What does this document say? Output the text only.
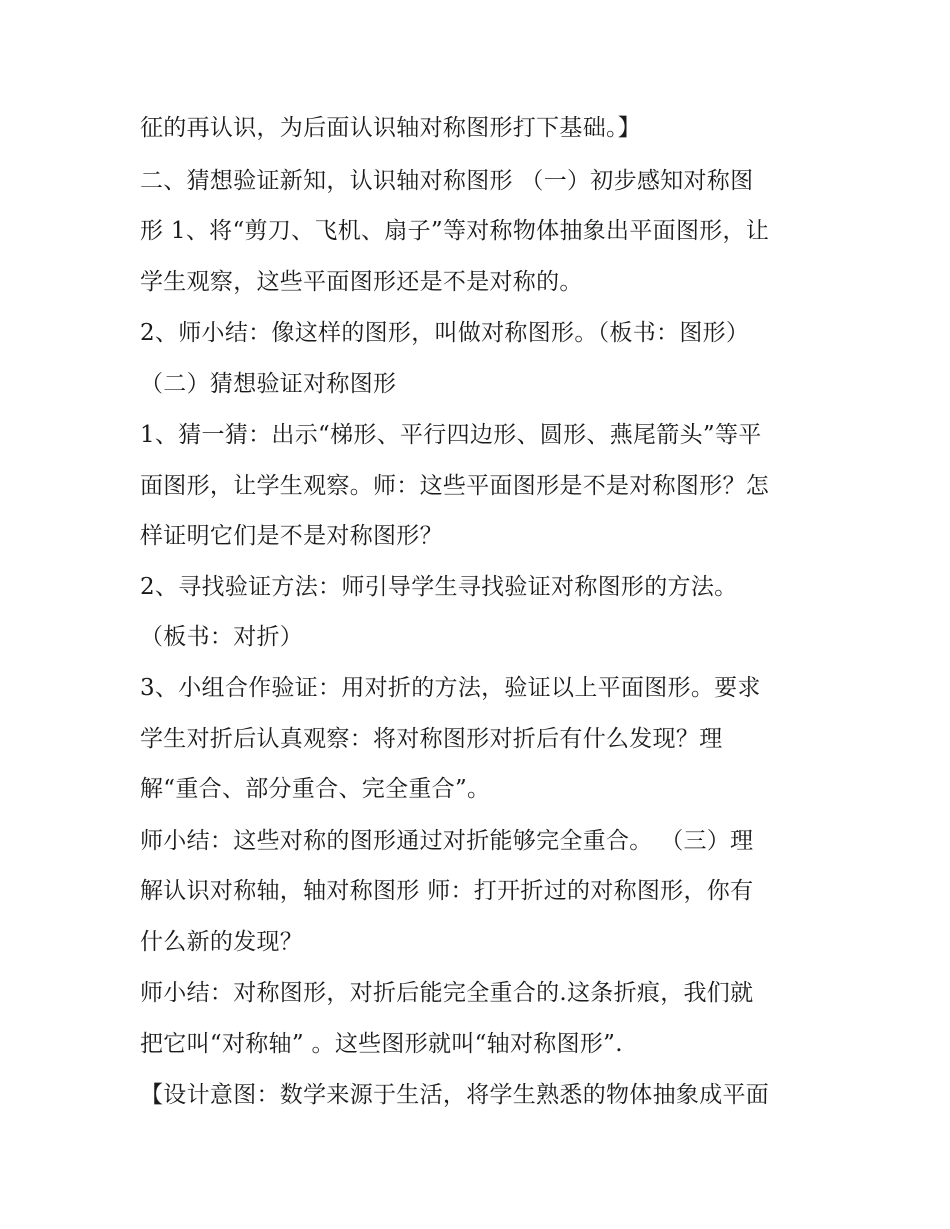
征的再认识，为后面认识轴对称图形打下基础。】
二、猜想验证新知，认识轴对称图形 （一）初步感知对称图
形 1、将“剪刀、飞机、扇子”等对称物体抽象出平面图形，让
学生观察，这些平面图形还是不是对称的。
2、师小结：像这样的图形，叫做对称图形。（板书：图形）
（二）猜想验证对称图形
1、猜一猜：出示“梯形、平行四边形、圆形、燕尾箭头”等平
面图形，让学生观察。师：这些平面图形是不是对称图形？怎
样证明它们是不是对称图形？
2、寻找验证方法：师引导学生寻找验证对称图形的方法。
（板书：对折）
3、小组合作验证：用对折的方法，验证以上平面图形。要求
学生对折后认真观察：将对称图形对折后有什么发现？理
解“重合、部分重合、完全重合”。
师小结：这些对称的图形通过对折能够完全重合。 （三）理
解认识对称轴，轴对称图形 师：打开折过的对称图形，你有
什么新的发现？
师小结：对称图形，对折后能完全重合的.这条折痕，我们就
把它叫“对称轴” 。这些图形就叫“轴对称图形”.
【设计意图：数学来源于生活，将学生熟悉的物体抽象成平面
